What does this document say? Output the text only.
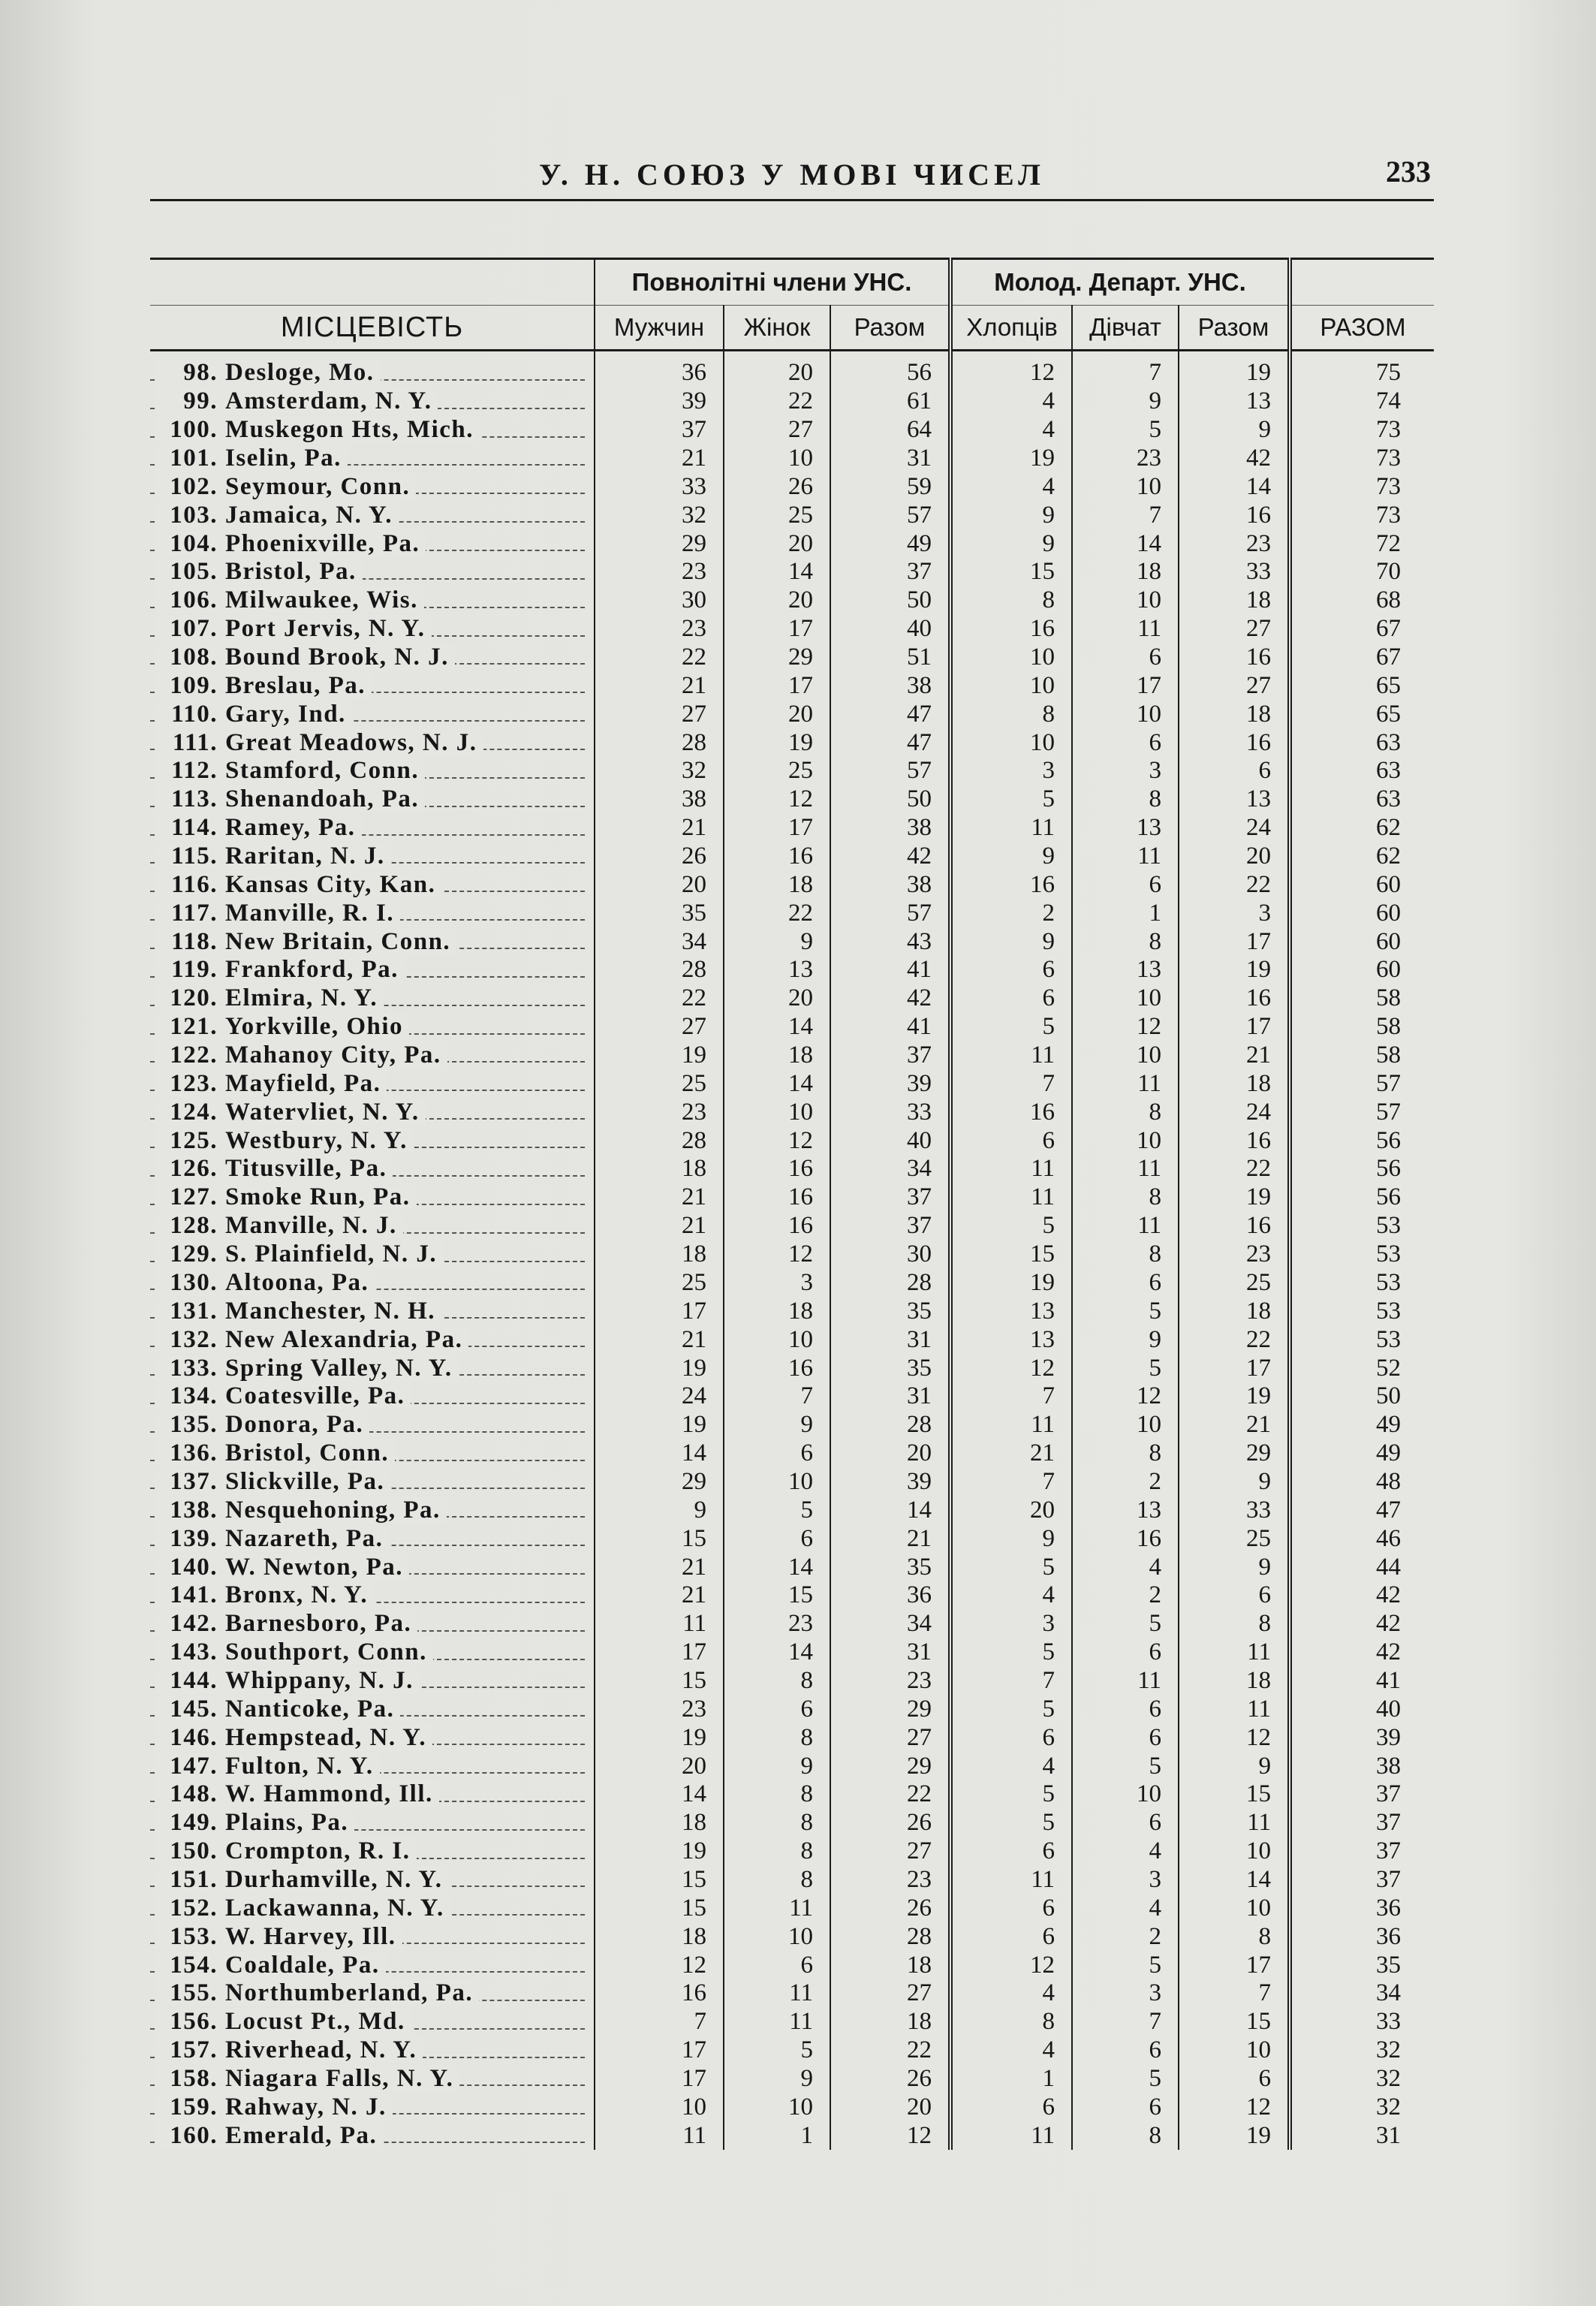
У. Н. СОЮЗ У МОВІ ЧИСЕЛ	233
	Повнолітні члени УНС.			Молод. Департ. УНС.			
МІСЦЕВІСТЬ	Мужчин	Жінок	Разом	Хлопців	Дівчат	Разом	РАЗОМ

98. Desloge, Mo.	36	20	56	12	7	19	75

99. Amsterdam, N. Y.	39	22	61	4	9	13	74

100. Muskegon Hts, Mich.	37	27	64	4	5	9	73

101. Iselin, Pa.	21	10	31	19	23	42	73

102. Seymour, Conn.	33	26	59	4	10	14	73

103. Jamaica, N. Y.	32	25	57	9	7	16	73

104. Phoenixville, Pa.	29	20	49	9	14	23	72

105. Bristol, Pa.	23	14	37	15	18	33	70

106. Milwaukee, Wis.	30	20	50	8	10	18	68

107. Port Jervis, N. Y.	23	17	40	16	11	27	67

108. Bound Brook, N. J.	22	29	51	10	6	16	67

109. Breslau, Pa.	21	17	38	10	17	27	65

110. Gary, Ind.	27	20	47	8	10	18	65

111. Great Meadows, N. J.	28	19	47	10	6	16	63

112. Stamford, Conn.	32	25	57	3	3	6	63

113. Shenandoah, Pa.	38	12	50	5	8	13	63

114. Ramey, Pa.	21	17	38	11	13	24	62

115. Raritan, N. J.	26	16	42	9	11	20	62

116. Kansas City, Kan.	20	18	38	16	6	22	60

117. Manville, R. I.	35	22	57	2	1	3	60

118. New Britain, Conn.	34	9	43	9	8	17	60

119. Frankford, Pa.	28	13	41	6	13	19	60

120. Elmira, N. Y.	22	20	42	6	10	16	58

121. Yorkville, Ohio	27	14	41	5	12	17	58

122. Mahanoy City, Pa.	19	18	37	11	10	21	58

123. Mayfield, Pa.	25	14	39	7	11	18	57

124. Watervliet, N. Y.	23	10	33	16	8	24	57

125. Westbury, N. Y.	28	12	40	6	10	16	56

126. Titusville, Pa.	18	16	34	11	11	22	56

127. Smoke Run, Pa.	21	16	37	11	8	19	56

128. Manville, N. J.	21	16	37	5	11	16	53

129. S. Plainfield, N. J.	18	12	30	15	8	23	53

130. Altoona, Pa.	25	3	28	19	6	25	53

131. Manchester, N. H.	17	18	35	13	5	18	53

132. New Alexandria, Pa.	21	10	31	13	9	22	53

133. Spring Valley, N. Y.	19	16	35	12	5	17	52

134. Coatesville, Pa.	24	7	31	7	12	19	50

135. Donora, Pa.	19	9	28	11	10	21	49

136. Bristol, Conn.	14	6	20	21	8	29	49

137. Slickville, Pa.	29	10	39	7	2	9	48

138. Nesquehoning, Pa.	9	5	14	20	13	33	47

139. Nazareth, Pa.	15	6	21	9	16	25	46

140. W. Newton, Pa.	21	14	35	5	4	9	44

141. Bronx, N. Y.	21	15	36	4	2	6	42

142. Barnesboro, Pa.	11	23	34	3	5	8	42

143. Southport, Conn.	17	14	31	5	6	11	42

144. Whippany, N. J.	15	8	23	7	11	18	41

145. Nanticoke, Pa.	23	6	29	5	6	11	40

146. Hempstead, N. Y.	19	8	27	6	6	12	39

147. Fulton, N. Y.	20	9	29	4	5	9	38

148. W. Hammond, Ill.	14	8	22	5	10	15	37

149. Plains, Pa.	18	8	26	5	6	11	37

150. Crompton, R. I.	19	8	27	6	4	10	37

151. Durhamville, N. Y.	15	8	23	11	3	14	37

152. Lackawanna, N. Y.	15	11	26	6	4	10	36

153. W. Harvey, Ill.	18	10	28	6	2	8	36

154. Coaldale, Pa.	12	6	18	12	5	17	35

155. Northumberland, Pa.	16	11	27	4	3	7	34

156. Locust Pt., Md.	7	11	18	8	7	15	33

157. Riverhead, N. Y.	17	5	22	4	6	10	32

158. Niagara Falls, N. Y.	17	9	26	1	5	6	32

159. Rahway, N. J.	10	10	20	6	6	12	32

160. Emerald, Pa.	11	1	12	11	8	19	31
